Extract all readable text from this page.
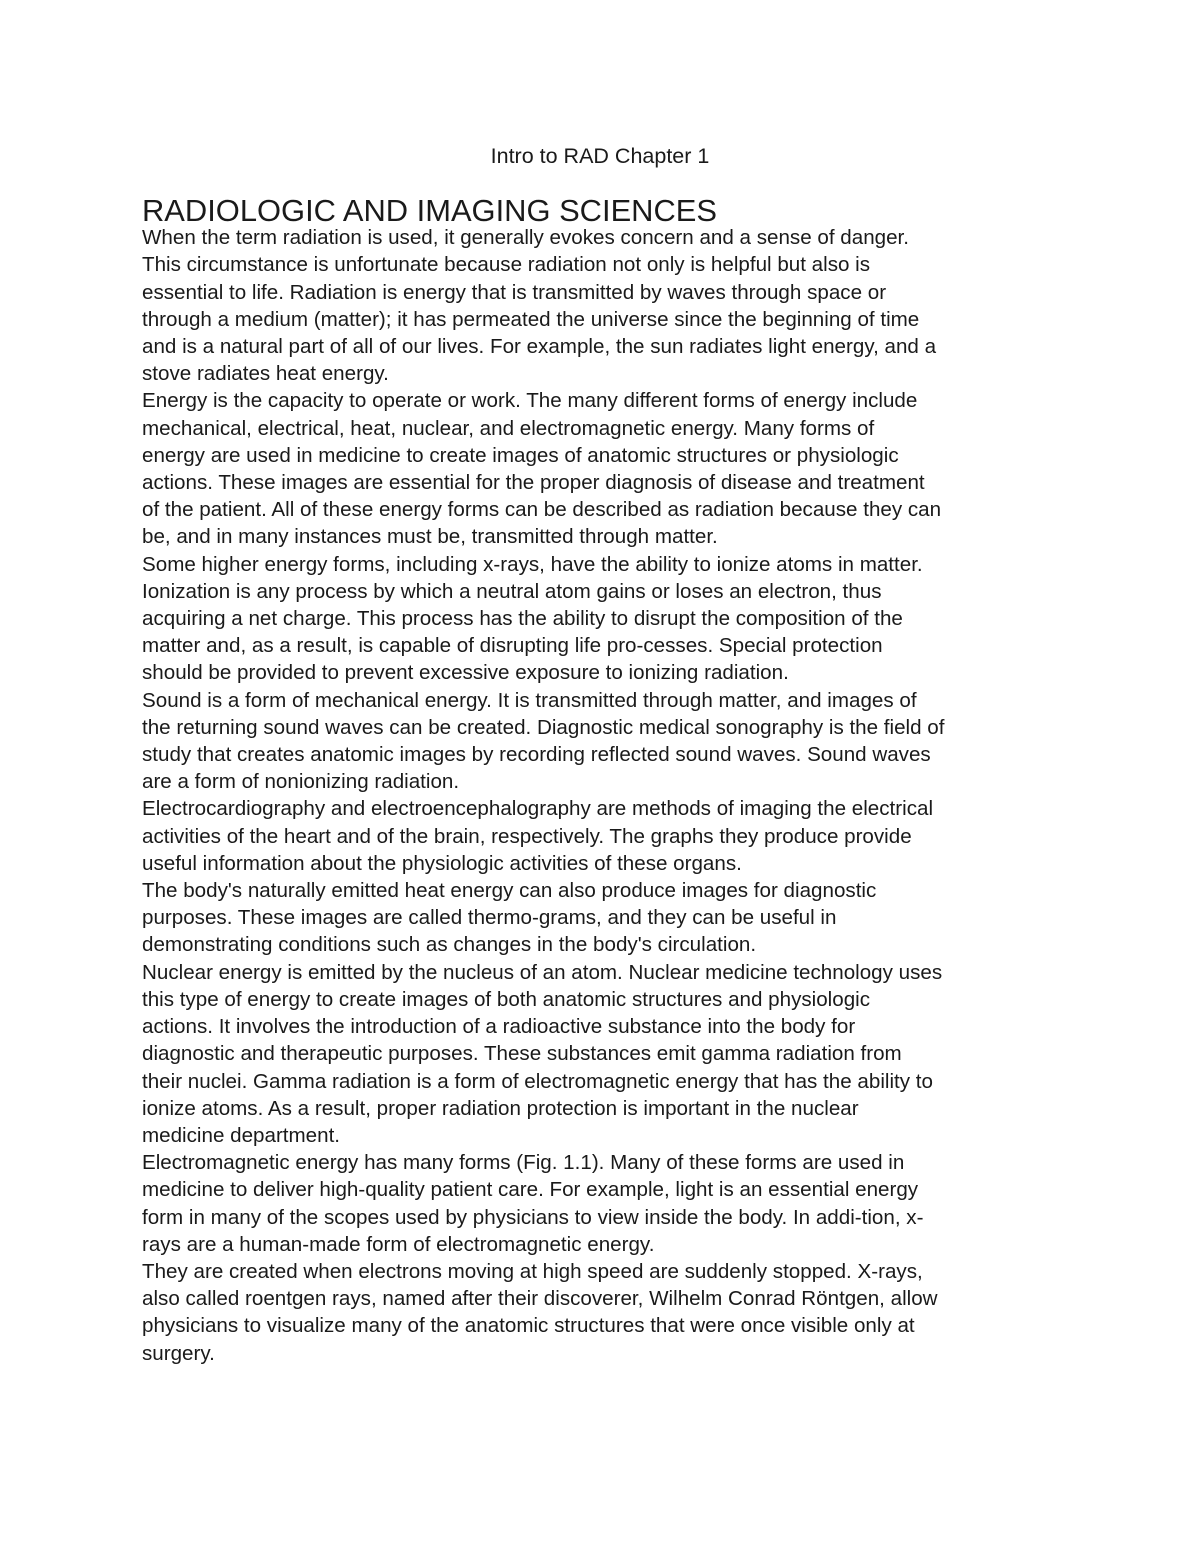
Intro to RAD Chapter 1
RADIOLOGIC AND IMAGING SCIENCES

When the term radiation is used, it generally evokes concern and a sense of danger.

This circumstance is unfortunate because radiation not only is helpful but also is

essential to life. Radiation is energy that is transmitted by waves through space or

through a medium (matter); it has permeated the universe since the beginning of time

and is a natural part of all of our lives. For example, the sun radiates light energy, and a

stove radiates heat energy.

Energy is the capacity to operate or work. The many different forms of energy include

mechanical, electrical, heat, nuclear, and electromagnetic energy. Many forms of

energy are used in medicine to create images of anatomic structures or physiologic

actions. These images are essential for the proper diagnosis of disease and treatment

of the patient. All of these energy forms can be described as radiation because they can

be, and in many instances must be, transmitted through matter.

Some higher energy forms, including x-rays, have the ability to ionize atoms in matter.

Ionization is any process by which a neutral atom gains or loses an electron, thus

acquiring a net charge. This process has the ability to disrupt the composition of the

matter and, as a result, is capable of disrupting life pro-cesses. Special protection

should be provided to prevent excessive exposure to ionizing radiation.

Sound is a form of mechanical energy. It is transmitted through matter, and images of

the returning sound waves can be created. Diagnostic medical sonography is the field of

study that creates anatomic images by recording reflected sound waves. Sound waves

are a form of nonionizing radiation.

Electrocardiography and electroencephalography are methods of imaging the electrical

activities of the heart and of the brain, respectively. The graphs they produce provide

useful information about the physiologic activities of these organs.

The body's naturally emitted heat energy can also produce images for diagnostic

purposes. These images are called thermo-grams, and they can be useful in

demonstrating conditions such as changes in the body's circulation.

Nuclear energy is emitted by the nucleus of an atom. Nuclear medicine technology uses

this type of energy to create images of both anatomic structures and physiologic

actions. It involves the introduction of a radioactive substance into the body for

diagnostic and therapeutic purposes. These substances emit gamma radiation from

their nuclei. Gamma radiation is a form of electromagnetic energy that has the ability to

ionize atoms. As a result, proper radiation protection is important in the nuclear

medicine department.

Electromagnetic energy has many forms (Fig. 1.1). Many of these forms are used in

medicine to deliver high-quality patient care. For example, light is an essential energy

form in many of the scopes used by physicians to view inside the body. In addi-tion, x-

rays are a human-made form of electromagnetic energy.

They are created when electrons moving at high speed are suddenly stopped. X-rays,

also called roentgen rays, named after their discoverer, Wilhelm Conrad Röntgen, allow

physicians to visualize many of the anatomic structures that were once visible only at

surgery.
